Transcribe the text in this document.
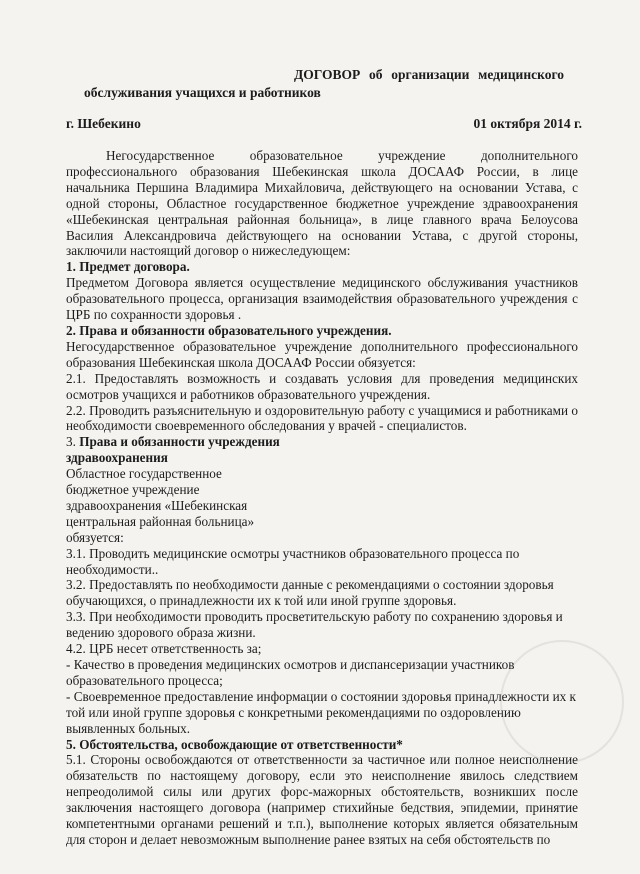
ДОГОВОР об организации медицинского
обслуживания учащихся и работников
г. Шебекино	01 октября 2014 г.

Негосударственное образовательное учреждение дополнительного профессионального образования Шебекинская школа ДОСААФ России, в лице начальника Першина Владимира Михайловича, действующего на основании Устава, с одной стороны, Областное государственное бюджетное учреждение здравоохранения «Шебекинская центральная районная больница», в лице главного врача Белоусова Василия Александровича действующего на основании Устава, с другой стороны, заключили настоящий договор о нижеследующем:

1. Предмет договора.

Предметом Договора является осуществление медицинского обслуживания участников образовательного процесса, организация взаимодействия образовательного учреждения с ЦРБ по сохранности здоровья .

2. Права и обязанности образовательного учреждения.

Негосударственное образовательное учреждение дополнительного профессионального образования Шебекинская школа ДОСААФ России обязуется:

2.1. Предоставлять возможность и создавать условия для проведения медицинских осмотров учащихся и работников образовательного учреждения.

2.2. Проводить разъяснительную и оздоровительную работу с учащимися и работниками о необходимости своевременного обследования у врачей - специалистов.

3. Права и обязанности учреждения здравоохранения

Областное государственное бюджетное учреждение здравоохранения «Шебекинская центральная районная больница» обязуется:

3.1. Проводить медицинские осмотры участников образовательного процесса по необходимости..

3.2. Предоставлять по необходимости данные с рекомендациями о состоянии здоровья обучающихся, о принадлежности их к той или иной группе здоровья.

3.3. При необходимости проводить просветительскую работу по сохранению здоровья и ведению здорового образа жизни.

4.2. ЦРБ несет ответственность за;

- Качество в проведения медицинских осмотров и диспансеризации участников образовательного процесса;

- Своевременное предоставление информации о состоянии здоровья принадлежности их к той или иной группе здоровья с конкретными рекомендациями по оздоровлению выявленных больных.

5. Обстоятельства, освобождающие от ответственности*

5.1. Стороны освобождаются от ответственности за частичное или полное неисполнение обязательств по настоящему договору, если это неисполнение явилось следствием непреодолимой силы или других форс-мажорных обстоятельств, возникших после заключения настоящего договора (например стихийные бедствия, эпидемии, принятие компетентными органами решений и т.п.), выполнение которых является обязательным для сторон и делает невозможным выполнение ранее взятых на себя обстоятельств по
